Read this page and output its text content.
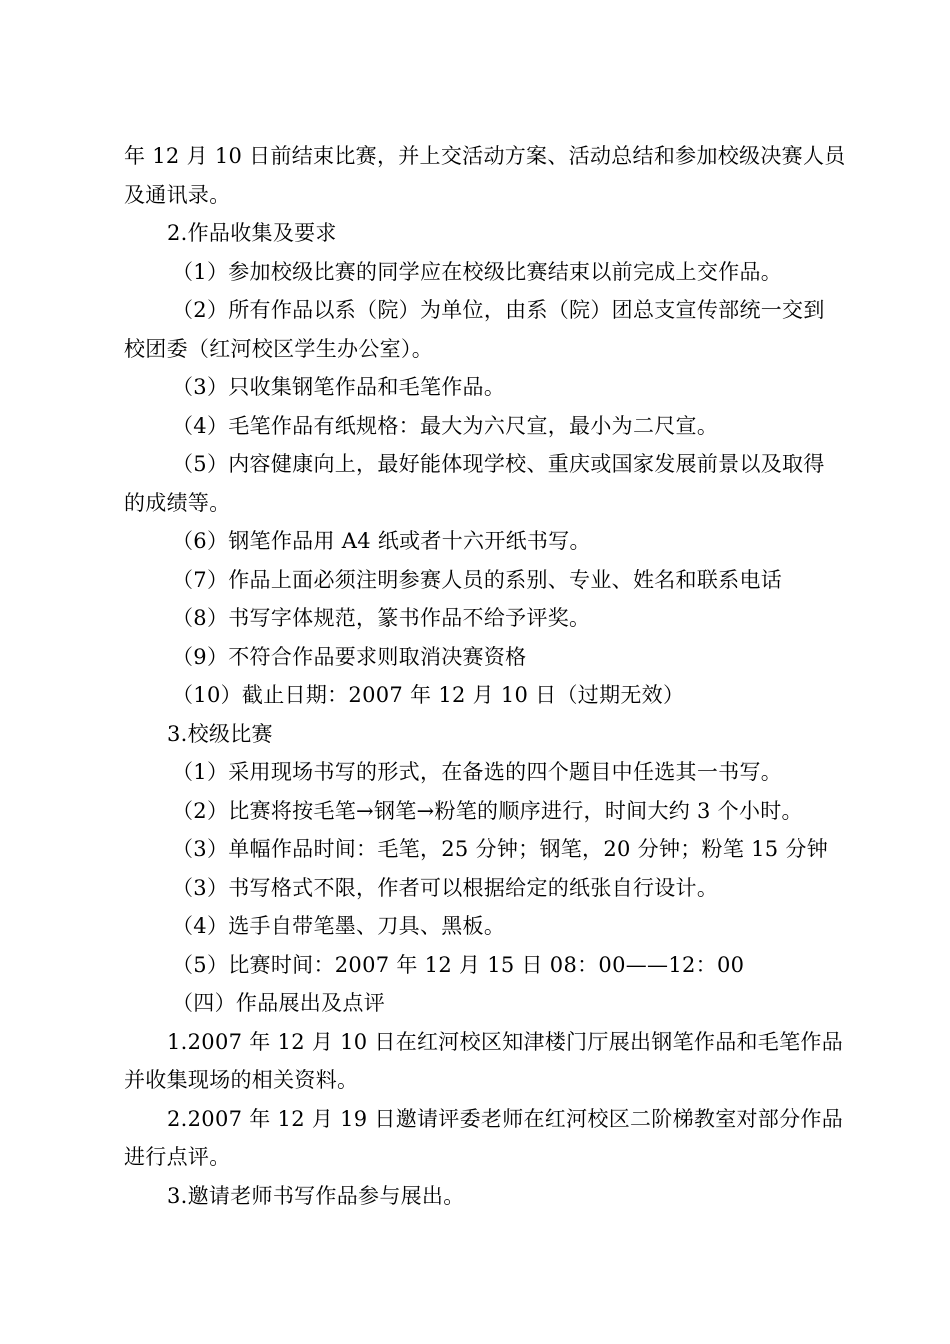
年 12 月 10 日前结束比赛，并上交活动方案、活动总结和参加校级决赛人员
及通讯录。
2.作品收集及要求
（1）参加校级比赛的同学应在校级比赛结束以前完成上交作品。
（2）所有作品以系（院）为单位，由系（院）团总支宣传部统一交到
校团委（红河校区学生办公室）。
（3）只收集钢笔作品和毛笔作品。
（4）毛笔作品有纸规格：最大为六尺宣，最小为二尺宣。
（5）内容健康向上，最好能体现学校、重庆或国家发展前景以及取得
的成绩等。
（6）钢笔作品用 A4 纸或者十六开纸书写。
（7）作品上面必须注明参赛人员的系别、专业、姓名和联系电话
（8）书写字体规范，篆书作品不给予评奖。
（9）不符合作品要求则取消决赛资格
（10）截止日期：2007 年 12 月 10 日（过期无效）
3.校级比赛
（1）采用现场书写的形式，在备选的四个题目中任选其一书写。
（2）比赛将按毛笔→钢笔→粉笔的顺序进行，时间大约 3 个小时。
（3）单幅作品时间：毛笔，25 分钟；钢笔，20 分钟；粉笔 15 分钟
（3）书写格式不限，作者可以根据给定的纸张自行设计。
（4）选手自带笔墨、刀具、黑板。
（5）比赛时间：2007 年 12 月 15 日 08：00——12：00
（四）作品展出及点评
1.2007 年 12 月 10 日在红河校区知津楼门厅展出钢笔作品和毛笔作品
并收集现场的相关资料。
2.2007 年 12 月 19 日邀请评委老师在红河校区二阶梯教室对部分作品
进行点评。
3.邀请老师书写作品参与展出。
